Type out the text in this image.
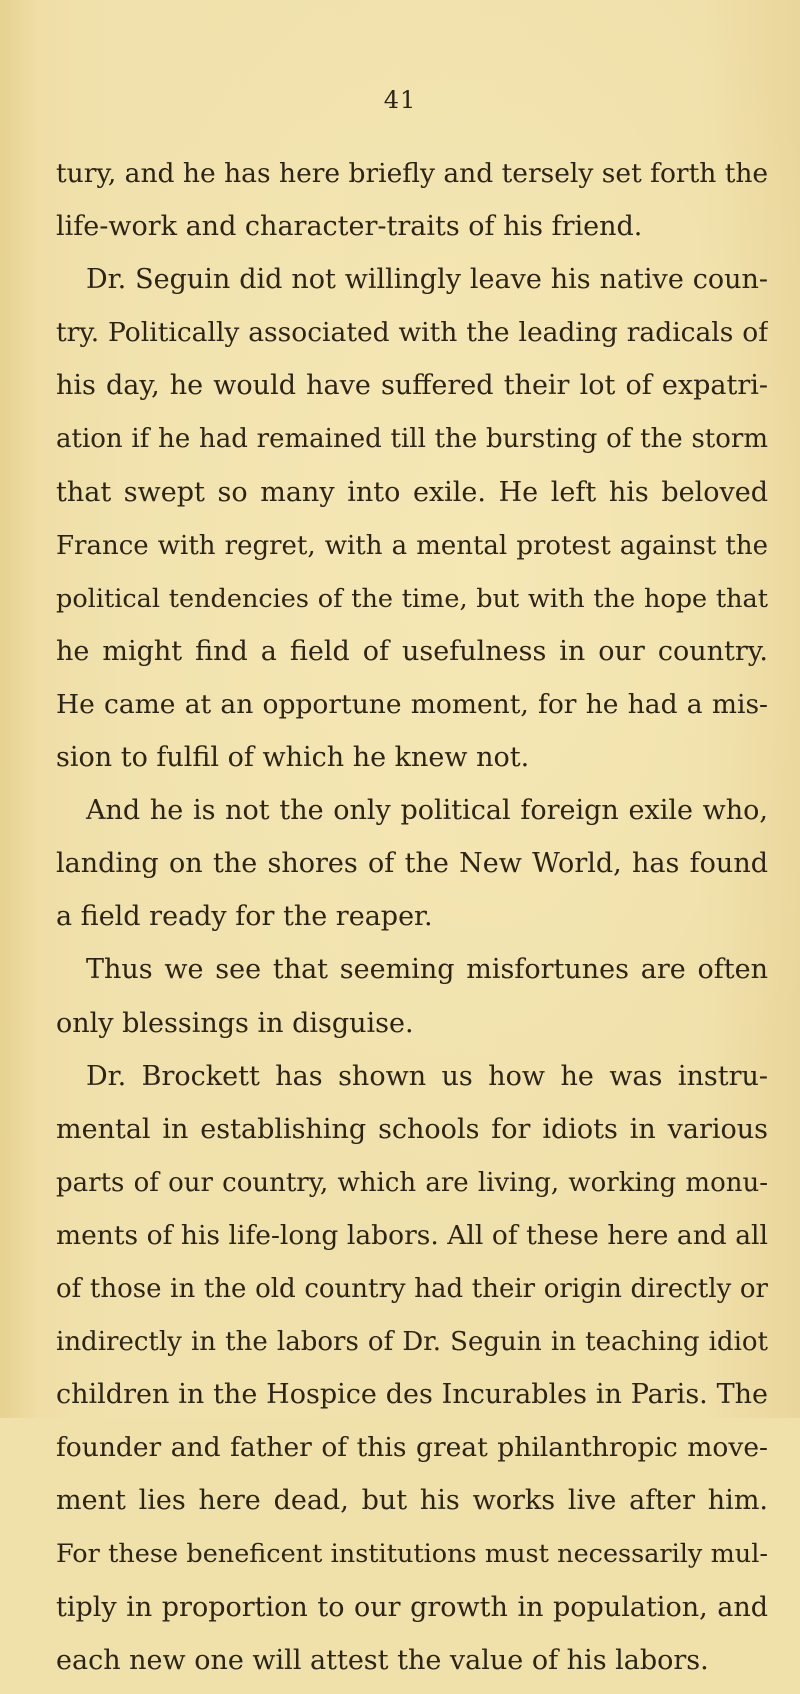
41
tury, and he has here briefly and tersely set forth the
life-work and character-traits of his friend.
Dr. Seguin did not willingly leave his native coun-
try. Politically associated with the leading radicals of
his day, he would have suffered their lot of expatri-
ation if he had remained till the bursting of the storm
that swept so many into exile. He left his beloved
France with regret, with a mental protest against the
political tendencies of the time, but with the hope that
he might find a field of usefulness in our country.
He came at an opportune moment, for he had a mis-
sion to fulfil of which he knew not.
And he is not the only political foreign exile who,
landing on the shores of the New World, has found
a field ready for the reaper.
Thus we see that seeming misfortunes are often
only blessings in disguise.
Dr. Brockett has shown us how he was instru-
mental in establishing schools for idiots in various
parts of our country, which are living, working monu-
ments of his life-long labors. All of these here and all
of those in the old country had their origin directly or
indirectly in the labors of Dr. Seguin in teaching idiot
children in the Hospice des Incurables in Paris. The
founder and father of this great philanthropic move-
ment lies here dead, but his works live after him.
For these beneficent institutions must necessarily mul-
tiply in proportion to our growth in population, and
each new one will attest the value of his labors.
